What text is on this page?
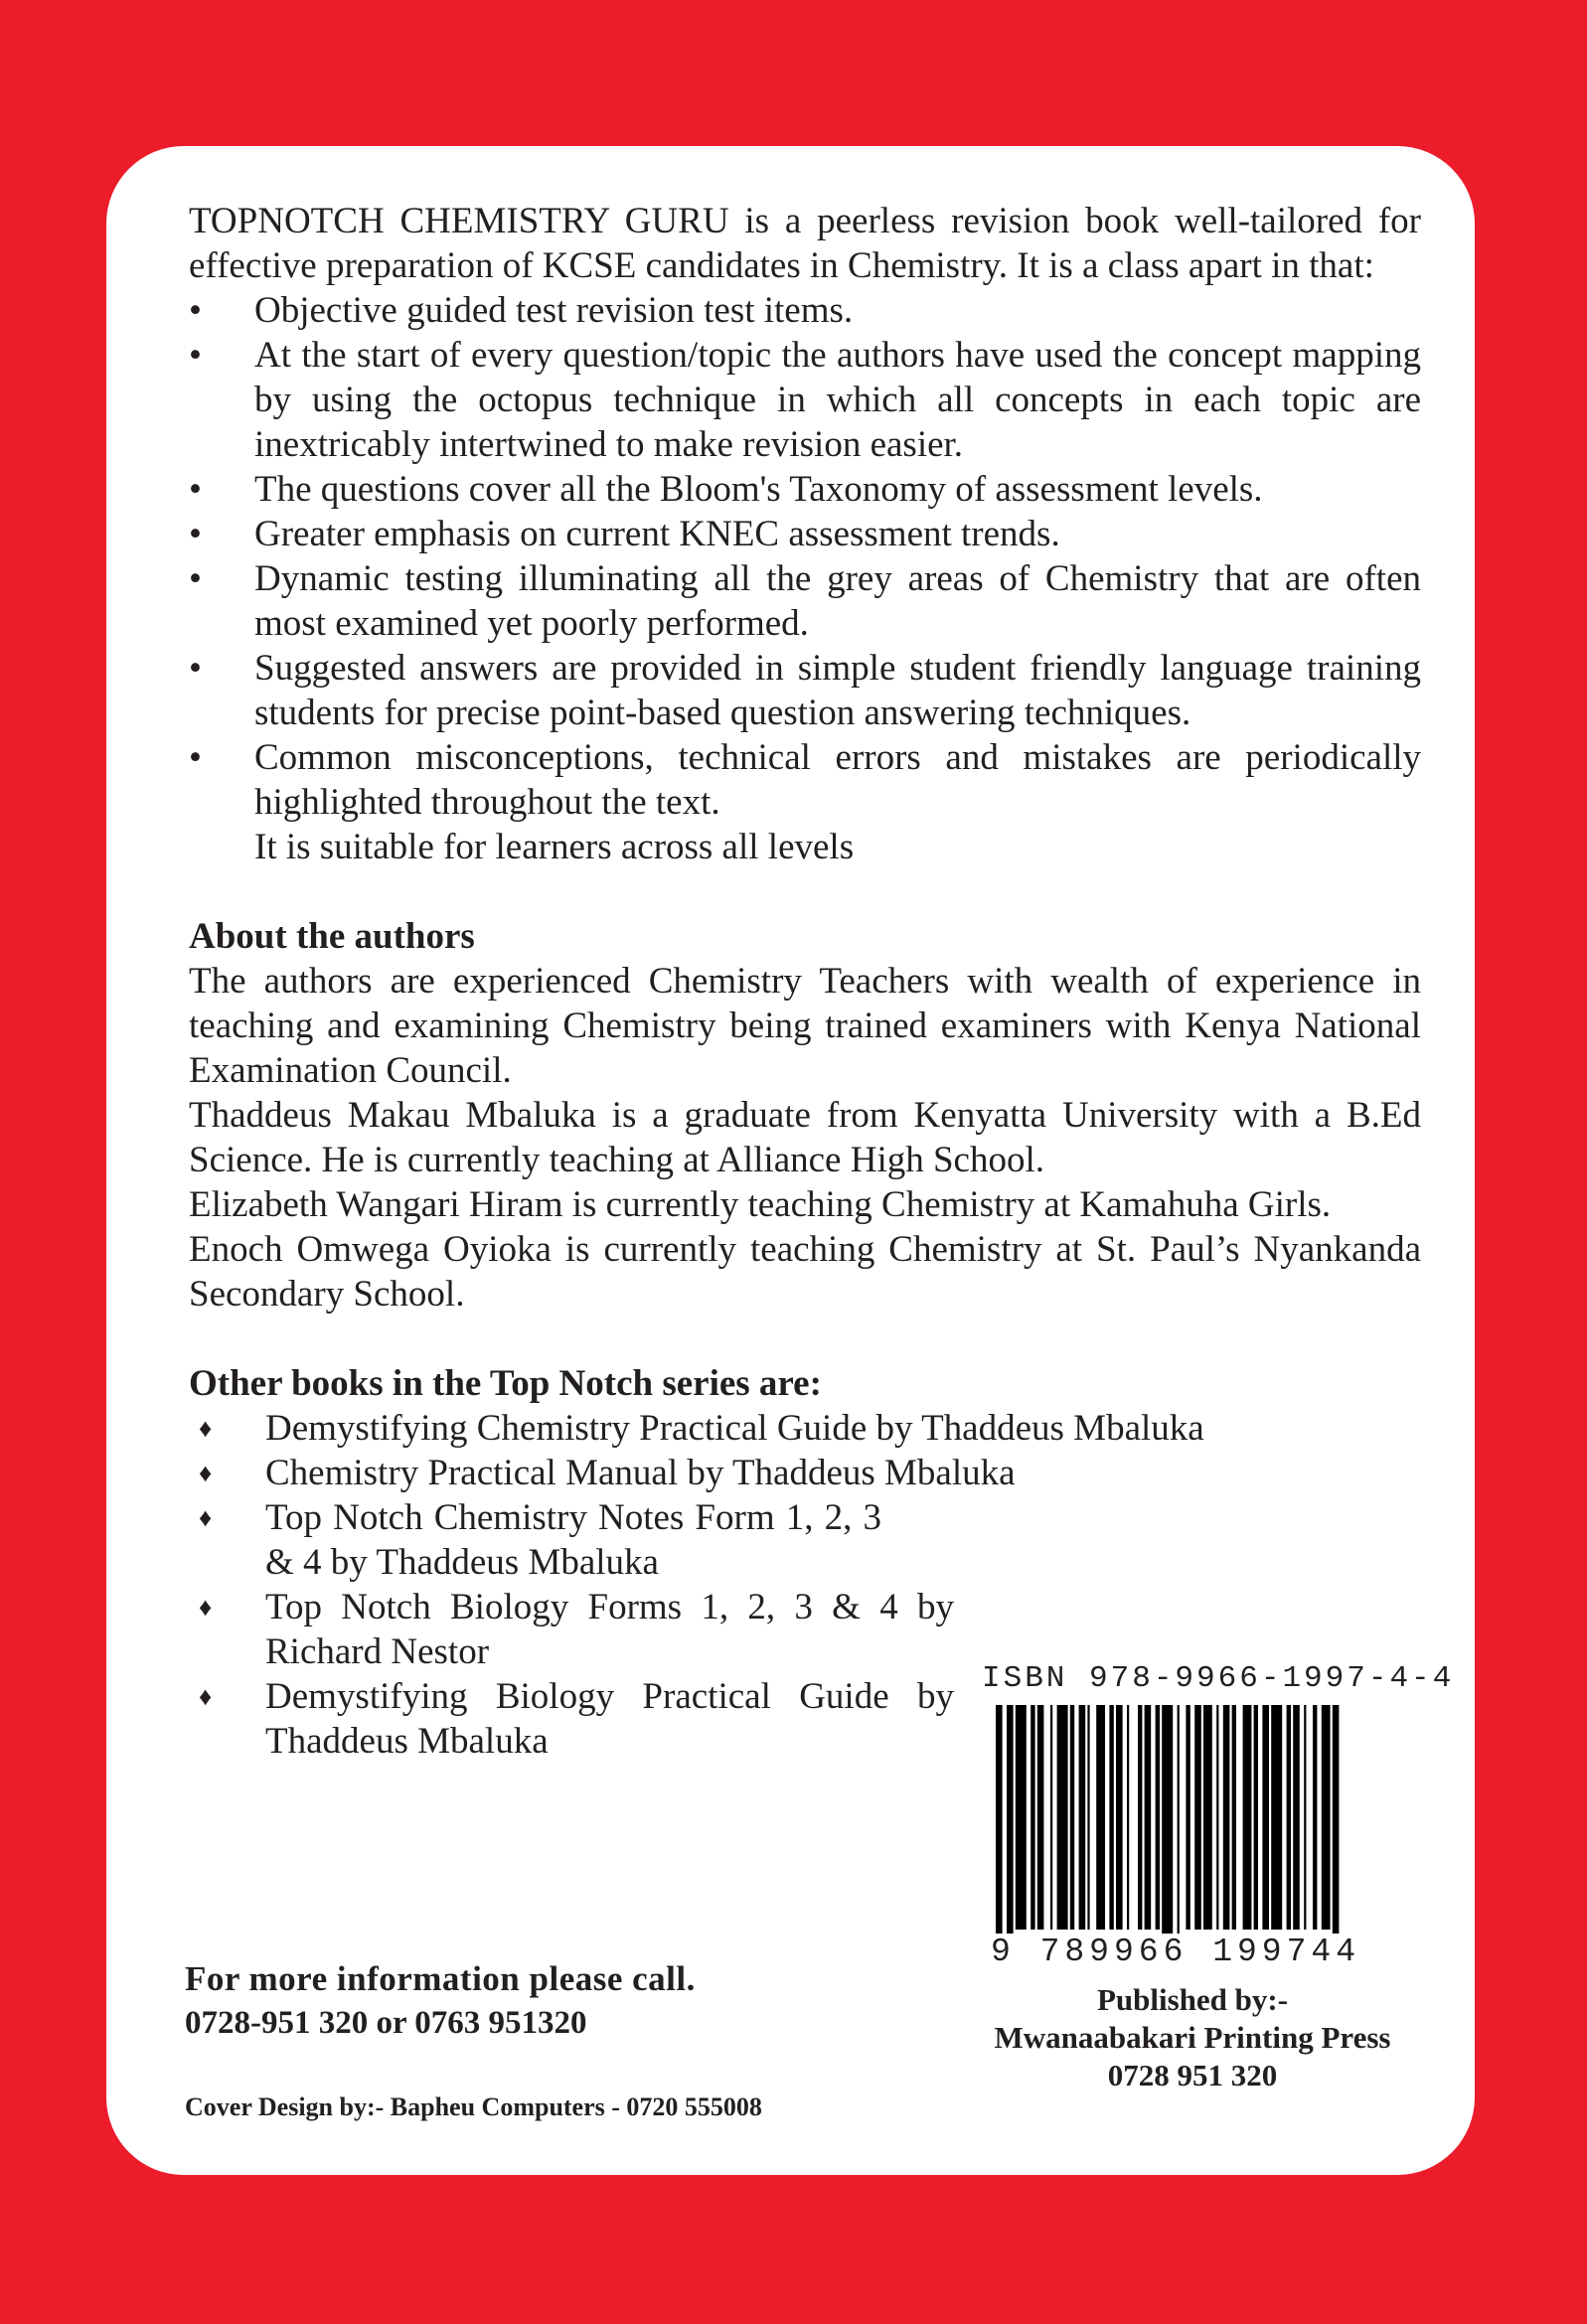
TOPNOTCH CHEMISTRY GURU is a peerless revision book well-tailored for effective preparation of KCSE candidates in Chemistry. It is a class apart in that:

• Objective guided test revision test items.
• At the start of every question/topic the authors have used the concept mapping by using the octopus technique in which all concepts in each topic are inextricably intertwined to make revision easier.
• The questions cover all the Bloom's Taxonomy of assessment levels.
• Greater emphasis on current KNEC assessment trends.
• Dynamic testing illuminating all the grey areas of Chemistry that are often most examined yet poorly performed.
• Suggested answers are provided in simple student friendly language training students for precise point-based question answering techniques.
• Common misconceptions, technical errors and mistakes are periodically highlighted throughout the text.

It is suitable for learners across all levels

About the authors

The authors are experienced Chemistry Teachers with wealth of experience in teaching and examining Chemistry being trained examiners with Kenya National Examination Council.

Thaddeus Makau Mbaluka is a graduate from Kenyatta University with a B.Ed Science. He is currently teaching at Alliance High School.

Elizabeth Wangari Hiram is currently teaching Chemistry at Kamahuha Girls.

Enoch Omwega Oyioka is currently teaching Chemistry at St. Paul’s Nyankanda Secondary School.

Other books in the Top Notch series are:

♦ Demystifying Chemistry Practical Guide by Thaddeus Mbaluka
♦ Chemistry Practical Manual by Thaddeus Mbaluka
♦ Top Notch Chemistry Notes Form 1, 2, 3 & 4 by Thaddeus Mbaluka
♦ Top Notch Biology Forms 1, 2, 3 & 4 by Richard Nestor
♦ Demystifying Biology Practical Guide by Thaddeus Mbaluka
ISBN 978-9966-1997-4-4
9 789966 199744
For more information please call.
0728-951 320 or 0763 951320
Published by:-
Mwanaabakari Printing Press
0728 951 320
Cover Design by:- Bapheu Computers - 0720 555008
